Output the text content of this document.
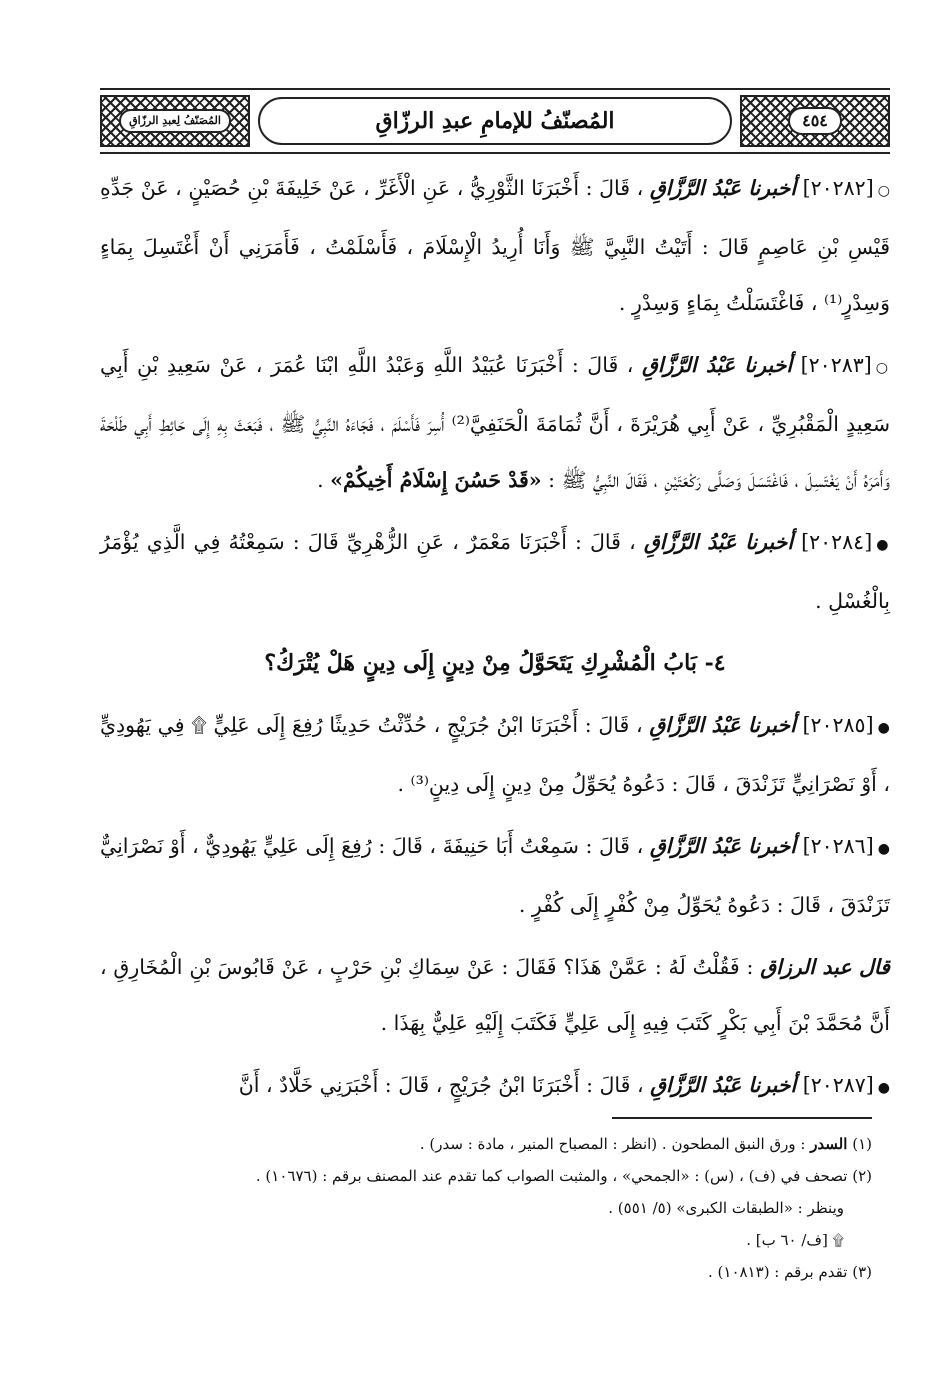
٤٥٤
المُصنّفُ للإمامِ عبدِ الرزّاقِ
المُصَنّفُ لِعبدِ الرزّاقِ

○[٢٠٢٨٢] أخبرنا عَبْدُ الرَّزَّاقِ ، قَالَ : أَخْبَرَنَا الثَّوْرِيُّ ، عَنِ الْأَغَرِّ ، عَنْ خَلِيفَةَ بْنِ حُصَيْنٍ ، عَنْ جَدِّهِ قَيْسِ بْنِ عَاصِمٍ قَالَ : أَتَيْتُ النَّبِيَّ ﷺ وَأَنَا أُرِيدُ الْإِسْلَامَ ، فَأَسْلَمْتُ ، فَأَمَرَنِي أَنْ أَغْتَسِلَ بِمَاءٍ وَسِدْرٍ⁽¹⁾ ، فَاغْتَسَلْتُ بِمَاءٍ وَسِدْرٍ .

○[٢٠٢٨٣] أخبرنا عَبْدُ الرَّزَّاقِ ، قَالَ : أَخْبَرَنَا عُبَيْدُ اللَّهِ وَعَبْدُ اللَّهِ ابْنَا عُمَرَ ، عَنْ سَعِيدِ بْنِ أَبِي سَعِيدٍ الْمَقْبُرِيِّ ، عَنْ أَبِي هُرَيْرَةَ ، أَنَّ ثُمَامَةَ الْحَنَفِيَّ⁽²⁾ أُسِرَ فَأَسْلَمَ ، فَجَاءَهُ النَّبِيُّ ﷺ ، فَبَعَثَ بِهِ إِلَى حَائِطِ أَبِي طَلْحَةَ وَأَمَرَهُ أَنْ يَغْتَسِلَ ، فَاغْتَسَلَ وَصَلَّى رَكْعَتَيْنِ ، فَقَالَ النَّبِيُّ ﷺ : «قَدْ حَسُنَ إِسْلَامُ أَخِيكُمْ» .

●[٢٠٢٨٤] أخبرنا عَبْدُ الرَّزَّاقِ ، قَالَ : أَخْبَرَنَا مَعْمَرٌ ، عَنِ الزُّهْرِيِّ قَالَ : سَمِعْتُهُ فِي الَّذِي يُؤْمَرُ بِالْغُسْلِ .

٤- بَابُ الْمُشْرِكِ يَتَحَوَّلُ مِنْ دِينٍ إِلَى دِينٍ هَلْ يُتْرَكُ؟

●[٢٠٢٨٥] أخبرنا عَبْدُ الرَّزَّاقِ ، قَالَ : أَخْبَرَنَا ابْنُ جُرَيْجٍ ، حُدِّثْتُ حَدِيثًا رُفِعَ إِلَى عَلِيٍّ ۩ فِي يَهُودِيٍّ ، أَوْ نَصْرَانِيٍّ تَزَنْدَقَ ، قَالَ : دَعُوهُ يُحَوِّلُ مِنْ دِينٍ إِلَى دِينٍ⁽³⁾ .

●[٢٠٢٨٦] أخبرنا عَبْدُ الرَّزَّاقِ ، قَالَ : سَمِعْتُ أَبَا حَنِيفَةَ ، قَالَ : رُفِعَ إِلَى عَلِيٍّ يَهُودِيٌّ ، أَوْ نَصْرَانِيٌّ تَزَنْدَقَ ، قَالَ : دَعُوهُ يُحَوِّلُ مِنْ كُفْرٍ إِلَى كُفْرٍ .

قال عبد الرزاق : فَقُلْتُ لَهُ : عَمَّنْ هَذَا؟ فَقَالَ : عَنْ سِمَاكِ بْنِ حَرْبٍ ، عَنْ قَابُوسَ بْنِ الْمُخَارِقِ ، أَنَّ مُحَمَّدَ بْنَ أَبِي بَكْرٍ كَتَبَ فِيهِ إِلَى عَلِيٍّ فَكَتَبَ إِلَيْهِ عَلِيٌّ بِهَذَا .

●[٢٠٢٨٧] أخبرنا عَبْدُ الرَّزَّاقِ ، قَالَ : أَخْبَرَنَا ابْنُ جُرَيْجٍ ، قَالَ : أَخْبَرَنِي خَلَّادٌ ، أَنَّ

(١) السدر : ورق النبق المطحون . (انظر : المصباح المنير ، مادة : سدر) .

(٢) تصحف في (ف) ، (س) : «الجمحي» ، والمثبت الصواب كما تقدم عند المصنف برقم : (١٠٦٧٦) .

وينظر : «الطبقات الكبرى» (٥/ ٥٥١) .

۩ [ف/ ٦٠ ب] .

(٣) تقدم برقم : (١٠٨١٣) .
